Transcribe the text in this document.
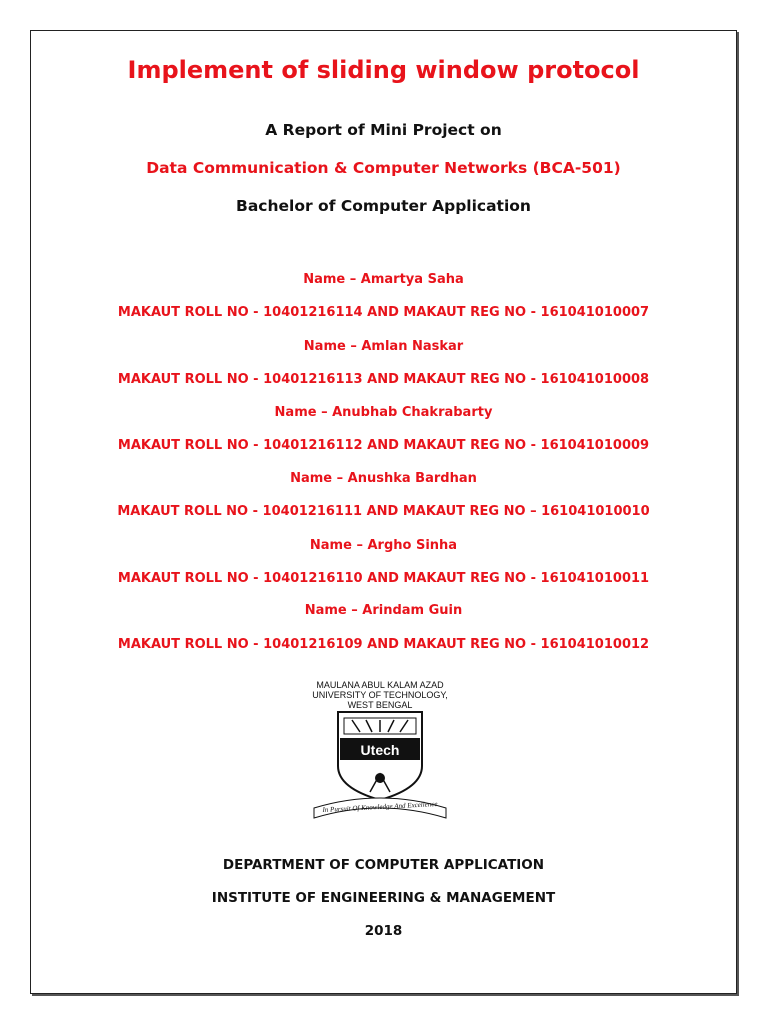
Implement of sliding window protocol
A Report of Mini Project on
Data Communication & Computer Networks (BCA-501)
Bachelor of Computer Application
Name – Amartya Saha
MAKAUT ROLL NO - 10401216114 AND MAKAUT REG NO - 161041010007
Name – Amlan Naskar
MAKAUT ROLL NO - 10401216113 AND MAKAUT REG NO - 161041010008
Name – Anubhab Chakrabarty
MAKAUT ROLL NO - 10401216112 AND MAKAUT REG NO - 161041010009
Name – Anushka Bardhan
MAKAUT ROLL NO - 10401216111 AND MAKAUT REG NO – 161041010010
Name – Argho Sinha
MAKAUT ROLL NO - 10401216110 AND MAKAUT REG NO - 161041010011
Name – Arindam Guin
MAKAUT ROLL NO - 10401216109 AND MAKAUT REG NO - 161041010012
MAULANA ABUL KALAM AZAD
UNIVERSITY OF TECHNOLOGY,
WEST BENGAL
Utech
In Pursuit Of Knowledge And Excellence
DEPARTMENT OF COMPUTER APPLICATION
INSTITUTE OF ENGINEERING & MANAGEMENT
2018
